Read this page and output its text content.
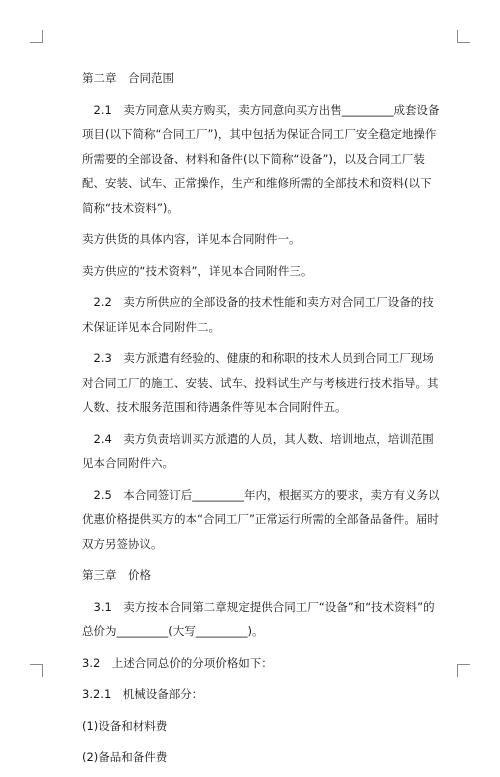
第二章　合同范围

2.1　卖方同意从卖方购买，卖方同意向买方出售_________成套设备项目(以下简称“合同工厂”)，其中包括为保证合同工厂安全稳定地操作所需要的全部设备、材料和备件(以下简称“设备”)，以及合同工厂装配、安装、试车、正常操作，生产和维修所需的全部技术和资料(以下简称“技术资料”)。

卖方供货的具体内容，详见本合同附件一。

卖方供应的“技术资料”，详见本合同附件三。

2.2　卖方所供应的全部设备的技术性能和卖方对合同工厂设备的技术保证详见本合同附件二。

2.3　卖方派遣有经验的、健康的和称职的技术人员到合同工厂现场对合同工厂的施工、安装、试车、投料试生产与考核进行技术指导。其人数、技术服务范围和待遇条件等见本合同附件五。

2.4　卖方负责培训买方派遣的人员，其人数、培训地点，培训范围见本合同附件六。

2.5　本合同签订后_________年内，根据买方的要求，卖方有义务以优惠价格提供买方的本“合同工厂”正常运行所需的全部备品备件。届时双方另签协议。

第三章　价格

3.1　卖方按本合同第二章规定提供合同工厂“设备”和“技术资料”的总价为_________(大写_________)。

3.2　上述合同总价的分项价格如下：

3.2.1　机械设备部分：

(1)设备和材料费

(2)备品和备件费
